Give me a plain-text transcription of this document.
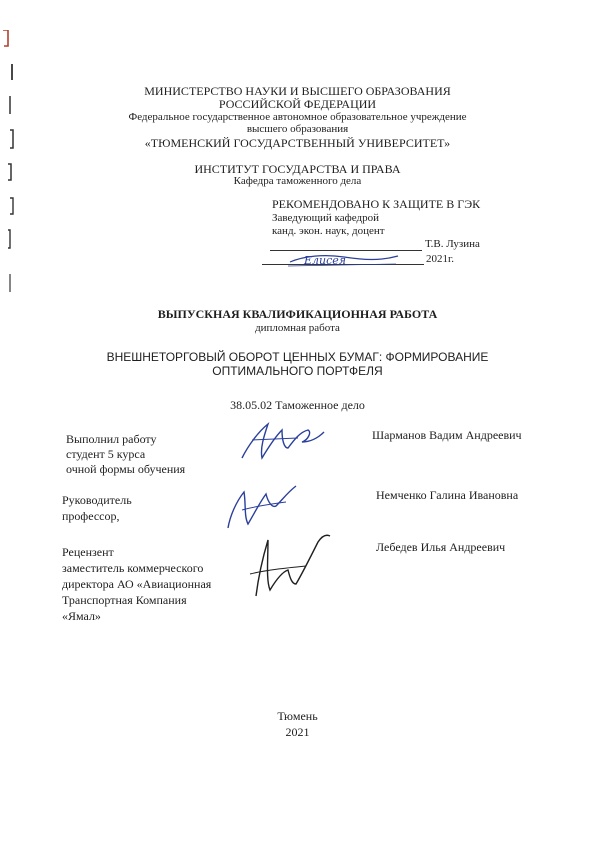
МИНИСТЕРСТВО НАУКИ И ВЫСШЕГО ОБРАЗОВАНИЯ
РОССИЙСКОЙ ФЕДЕРАЦИИ
Федеральное государственное автономное образовательное учреждение
высшего образования
«ТЮМЕНСКИЙ ГОСУДАРСТВЕННЫЙ УНИВЕРСИТЕТ»
ИНСТИТУТ ГОСУДАРСТВА И ПРАВА
Кафедра таможенного дела
РЕКОМЕНДОВАНО К ЗАЩИТЕ В ГЭК
Заведующий кафедрой
канд. экон. наук, доцент
Т.В. Лузина
2021г.
Елисея
ВЫПУСКНАЯ КВАЛИФИКАЦИОННАЯ РАБОТА
дипломная работа
ВНЕШНЕТОРГОВЫЙ ОБОРОТ ЦЕННЫХ БУМАГ: ФОРМИРОВАНИЕ
ОПТИМАЛЬНОГО ПОРТФЕЛЯ
38.05.02 Таможенное дело
Выполнил работу
студент 5 курса
очной формы обучения
Шарманов Вадим Андреевич
Руководитель
профессор,
Немченко Галина Ивановна
Рецензент
заместитель коммерческого
директора АО «Авиационная
Транспортная Компания
«Ямал»
Лебедев Илья Андреевич
Тюмень
2021
